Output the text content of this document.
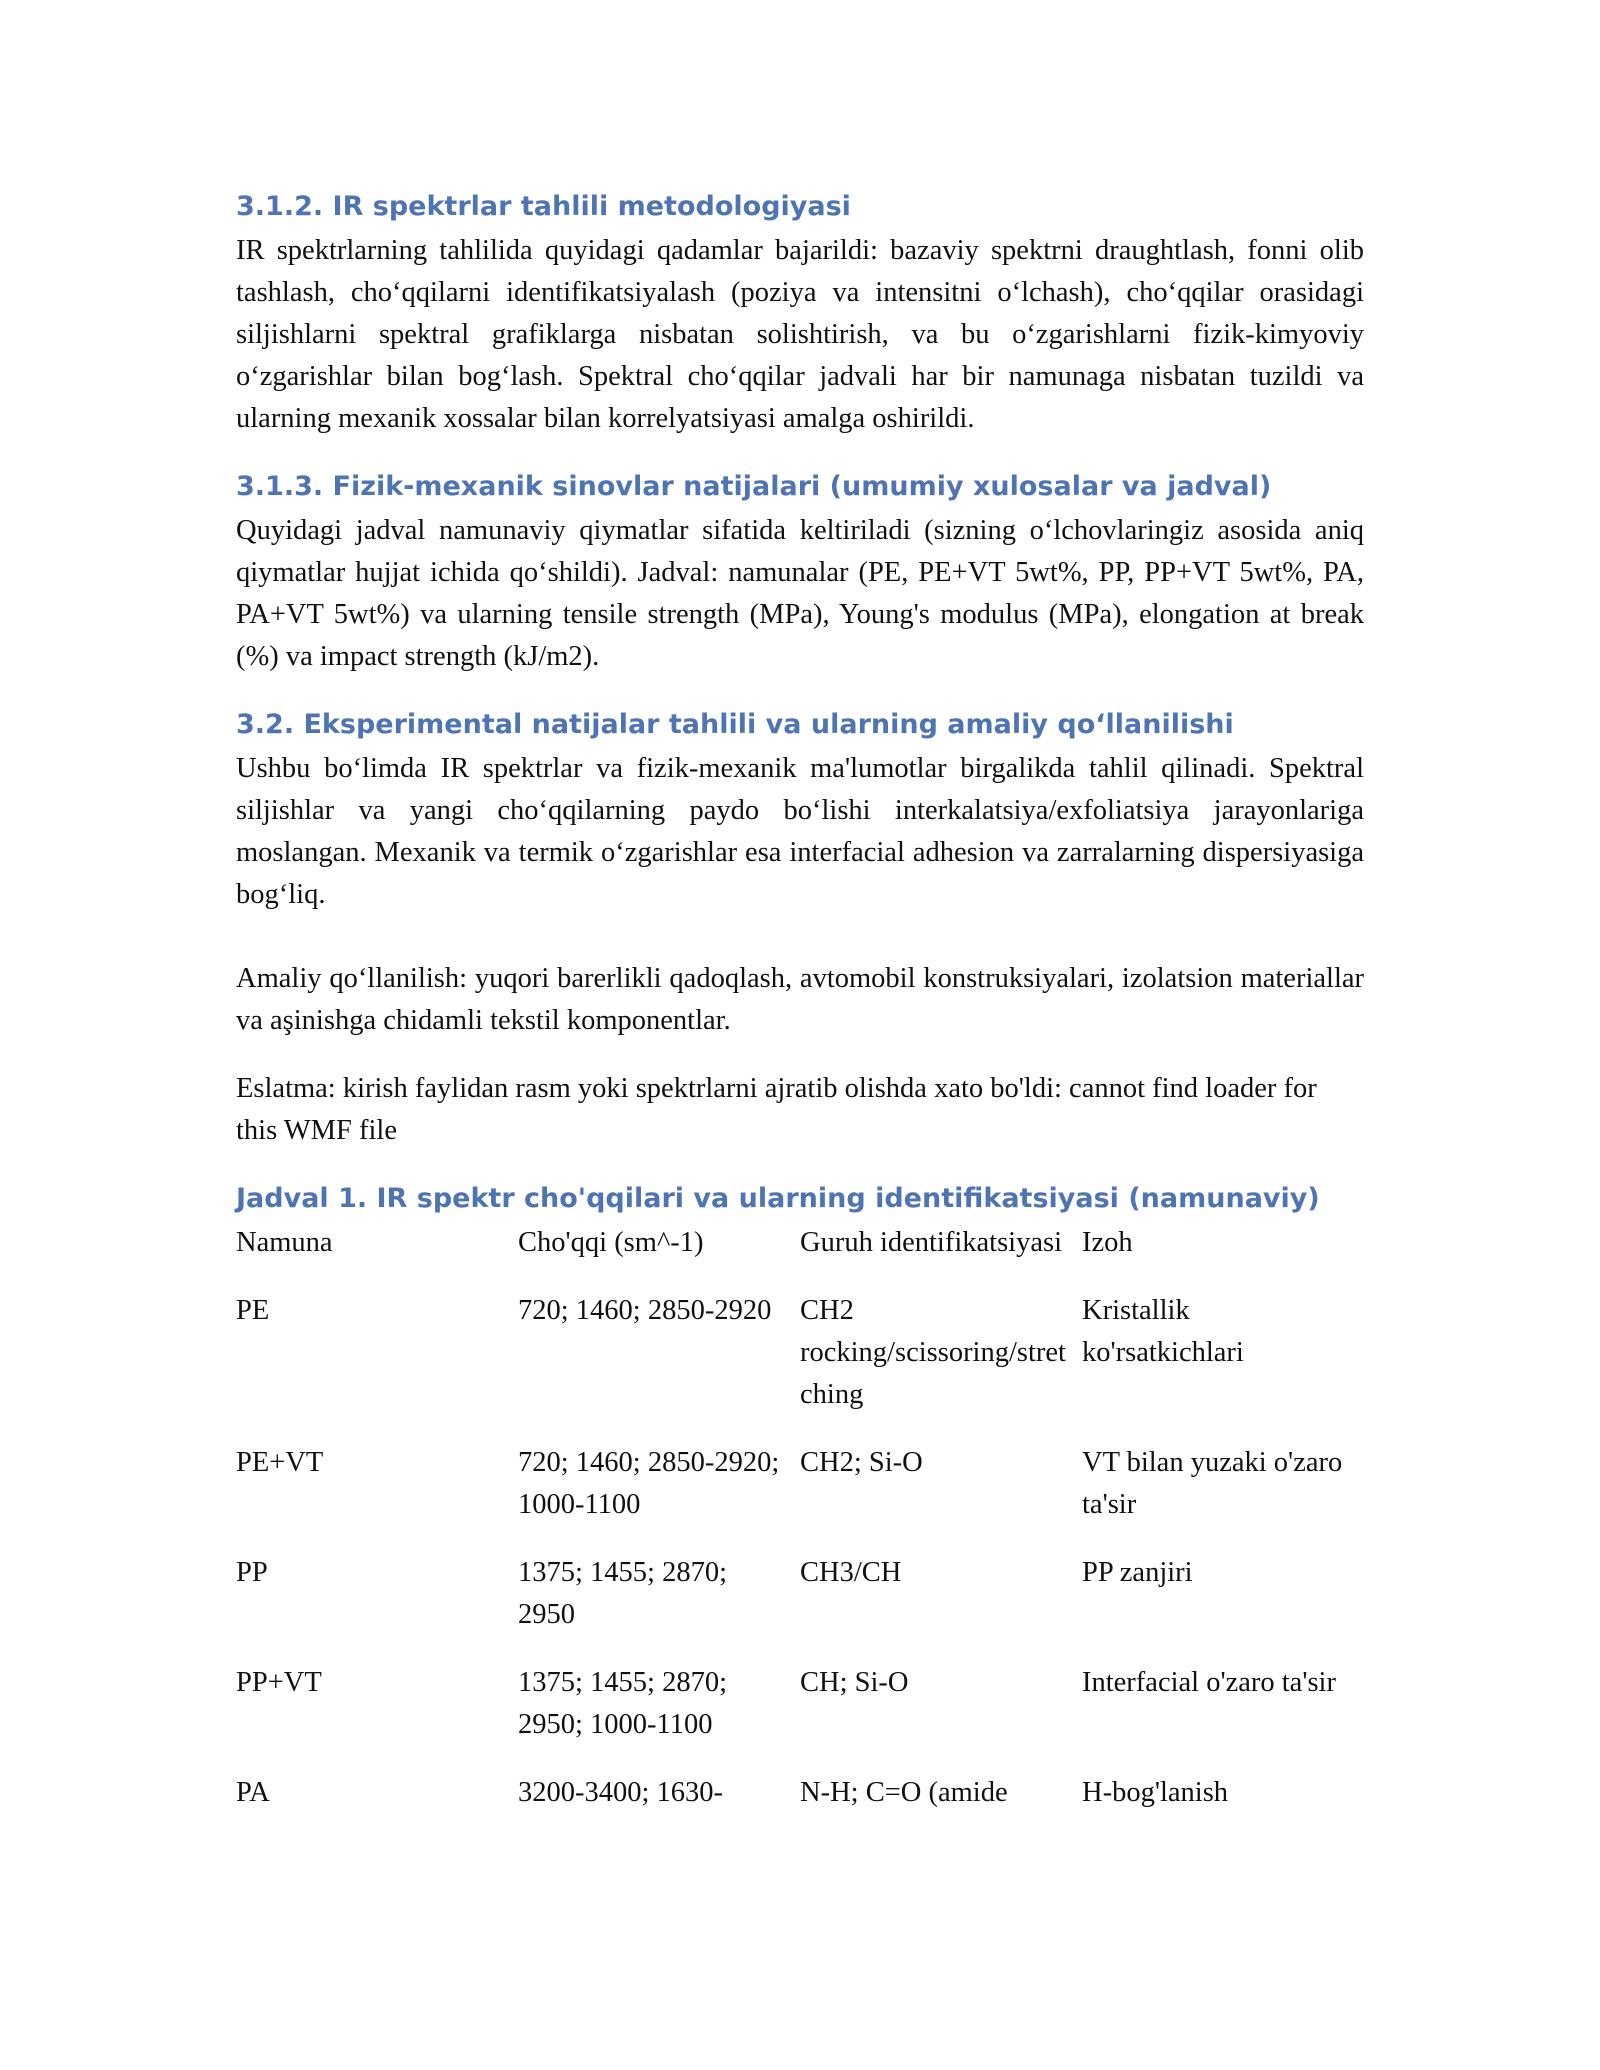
3.1.2. IR spektrlar tahlili metodologiyasi

IR spektrlarning tahlilida quyidagi qadamlar bajarildi: bazaviy spektrni draughtlash, fonni olib tashlash, cho‘qqilarni identifikatsiyalash (poziya va intensitni o‘lchash), cho‘qqilar orasidagi siljishlarni spektral grafiklarga nisbatan solishtirish, va bu o‘zgarishlarni fizik-kimyoviy o‘zgarishlar bilan bog‘lash. Spektral cho‘qqilar jadvali har bir namunaga nisbatan tuzildi va ularning mexanik xossalar bilan korrelyatsiyasi amalga oshirildi.

3.1.3. Fizik-mexanik sinovlar natijalari (umumiy xulosalar va jadval)

Quyidagi jadval namunaviy qiymatlar sifatida keltiriladi (sizning o‘lchovlaringiz asosida aniq qiymatlar hujjat ichida qo‘shildi). Jadval: namunalar (PE, PE+VT 5wt%, PP, PP+VT 5wt%, PA, PA+VT 5wt%) va ularning tensile strength (MPa), Young's modulus (MPa), elongation at break (%) va impact strength (kJ/m2).

3.2. Eksperimental natijalar tahlili va ularning amaliy qo‘llanilishi

Ushbu bo‘limda IR spektrlar va fizik-mexanik ma'lumotlar birgalikda tahlil qilinadi. Spektral siljishlar va yangi cho‘qqilarning paydo bo‘lishi interkalatsiya/exfoliatsiya jarayonlariga moslangan. Mexanik va termik o‘zgarishlar esa interfacial adhesion va zarralarning dispersiyasiga bog‘liq.

Amaliy qo‘llanilish: yuqori barerlikli qadoqlash, avtomobil konstruksiyalari, izolatsion materiallar va aşinishga chidamli tekstil komponentlar.

Eslatma: kirish faylidan rasm yoki spektrlarni ajratib olishda xato bo'ldi: cannot find loader for this WMF file

Jadval 1. IR spektr cho'qqilari va ularning identifikatsiyasi (namunaviy)
Namuna	Cho'qqi (sm^-1)	Guruh identifikatsiyasi	Izoh
PE	720; 1460; 2850-2920	CH2 rocking/scissoring/stretching	Kristallik ko'rsatkichlari
PE+VT	720; 1460; 2850-2920; 1000-1100	CH2; Si-O	VT bilan yuzaki o'zaro ta'sir
PP	1375; 1455; 2870; 2950	CH3/CH	PP zanjiri
PP+VT	1375; 1455; 2870; 2950; 1000-1100	CH; Si-O	Interfacial o'zaro ta'sir
PA	3200-3400; 1630-	N-H; C=O (amide	H-bog'lanish
